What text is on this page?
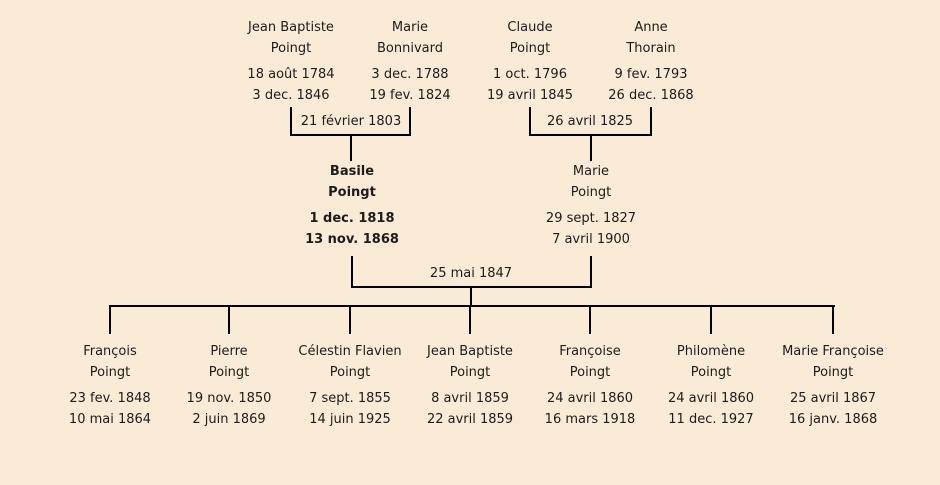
Jean Baptiste
Poingt
18 août 1784
3 dec. 1846
Marie
Bonnivard
3 dec. 1788
19 fev. 1824
Claude
Poingt
1 oct. 1796
19 avril 1845
Anne
Thorain
9 fev. 1793
26 dec. 1868
21 février 1803	26 avril 1825
Basile
Poingt
1 dec. 1818
13 nov. 1868
Marie
Poingt
29 sept. 1827
7 avril 1900
25 mai 1847
François
Poingt
23 fev. 1848
10 mai 1864
Pierre
Poingt
19 nov. 1850
2 juin 1869
Célestin Flavien
Poingt
7 sept. 1855
14 juin 1925
Jean Baptiste
Poingt
8 avril 1859
22 avril 1859
Françoise
Poingt
24 avril 1860
16 mars 1918
Philomène
Poingt
24 avril 1860
11 dec. 1927
Marie Françoise
Poingt
25 avril 1867
16 janv. 1868
